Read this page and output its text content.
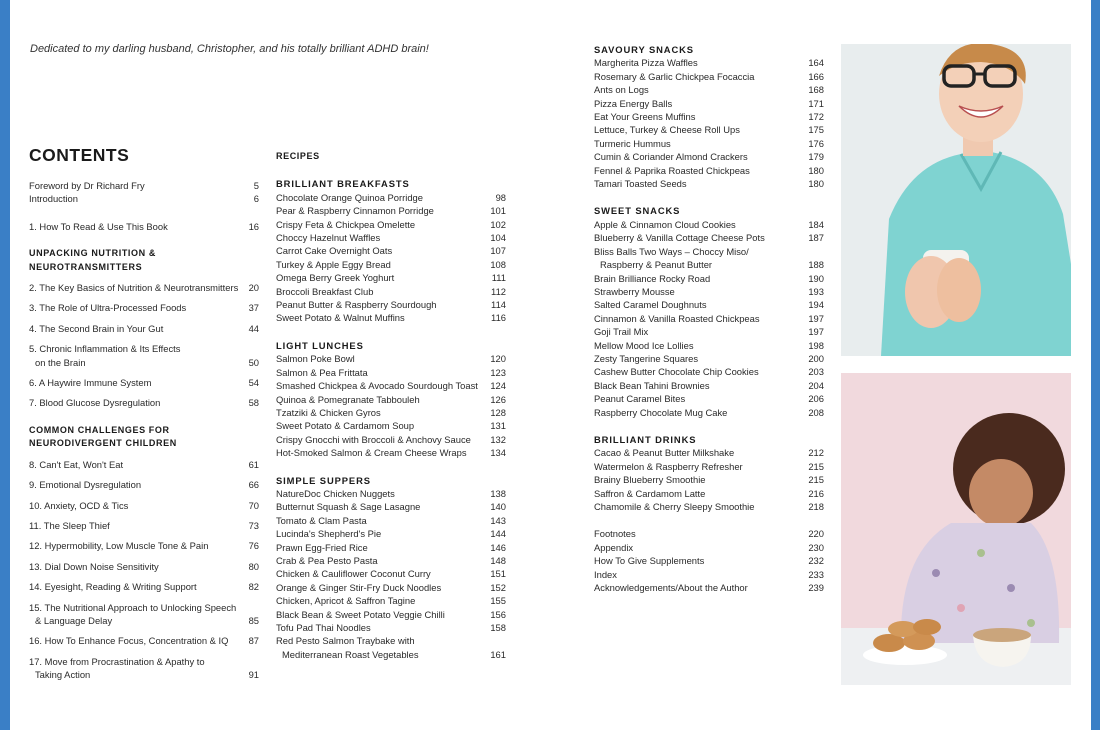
Dedicated to my darling husband, Christopher, and his totally brilliant ADHD brain!
CONTENTS
Foreword by Dr Richard Fry	5
Introduction	6
1. How To Read & Use This Book	16
UNPACKING NUTRITION &
NEUROTRANSMITTERS
2. The Key Basics of Nutrition & Neurotransmitters	20
3. The Role of Ultra-Processed Foods	37
4. The Second Brain in Your Gut	44
5. Chronic Inflammation & Its Effects
on the Brain	50
6. A Haywire Immune System	54
7. Blood Glucose Dysregulation	58
COMMON CHALLENGES FOR
NEURODIVERGENT CHILDREN
8. Can't Eat, Won't Eat	61
9. Emotional Dysregulation	66
10. Anxiety, OCD & Tics	70
11. The Sleep Thief	73
12. Hypermobility, Low Muscle Tone & Pain	76
13. Dial Down Noise Sensitivity	80
14. Eyesight, Reading & Writing Support	82
15. The Nutritional Approach to Unlocking Speech
& Language Delay	85
16. How To Enhance Focus, Concentration & IQ	87
17. Move from Procrastination & Apathy to
Taking Action	91
RECIPES
BRILLIANT BREAKFASTS
Chocolate Orange Quinoa Porridge	98
Pear & Raspberry Cinnamon Porridge	101
Crispy Feta & Chickpea Omelette	102
Choccy Hazelnut Waffles	104
Carrot Cake Overnight Oats	107
Turkey & Apple Eggy Bread	108
Omega Berry Greek Yoghurt	111
Broccoli Breakfast Club	112
Peanut Butter & Raspberry Sourdough	114
Sweet Potato & Walnut Muffins	116
LIGHT LUNCHES
Salmon Poke Bowl	120
Salmon & Pea Frittata	123
Smashed Chickpea & Avocado Sourdough Toast	124
Quinoa & Pomegranate Tabbouleh	126
Tzatziki & Chicken Gyros	128
Sweet Potato & Cardamom Soup	131
Crispy Gnocchi with Broccoli & Anchovy Sauce	132
Hot-Smoked Salmon & Cream Cheese Wraps	134
SIMPLE SUPPERS
NatureDoc Chicken Nuggets	138
Butternut Squash & Sage Lasagne	140
Tomato & Clam Pasta	143
Lucinda's Shepherd's Pie	144
Prawn Egg-Fried Rice	146
Crab & Pea Pesto Pasta	148
Chicken & Cauliflower Coconut Curry	151
Orange & Ginger Stir-Fry Duck Noodles	152
Chicken, Apricot & Saffron Tagine	155
Black Bean & Sweet Potato Veggie Chilli	156
Tofu Pad Thai Noodles	158
Red Pesto Salmon Traybake with
Mediterranean Roast Vegetables	161
SAVOURY SNACKS
Margherita Pizza Waffles	164
Rosemary & Garlic Chickpea Focaccia	166
Ants on Logs	168
Pizza Energy Balls	171
Eat Your Greens Muffins	172
Lettuce, Turkey & Cheese Roll Ups	175
Turmeric Hummus	176
Cumin & Coriander Almond Crackers	179
Fennel & Paprika Roasted Chickpeas	180
Tamari Toasted Seeds	180
SWEET SNACKS
Apple & Cinnamon Cloud Cookies	184
Blueberry & Vanilla Cottage Cheese Pots	187
Bliss Balls Two Ways – Choccy Miso/
Raspberry & Peanut Butter	188
Brain Brilliance Rocky Road	190
Strawberry Mousse	193
Salted Caramel Doughnuts	194
Cinnamon & Vanilla Roasted Chickpeas	197
Goji Trail Mix	197
Mellow Mood Ice Lollies	198
Zesty Tangerine Squares	200
Cashew Butter Chocolate Chip Cookies	203
Black Bean Tahini Brownies	204
Peanut Caramel Bites	206
Raspberry Chocolate Mug Cake	208
BRILLIANT DRINKS
Cacao & Peanut Butter Milkshake	212
Watermelon & Raspberry Refresher	215
Brainy Blueberry Smoothie	215
Saffron & Cardamom Latte	216
Chamomile & Cherry Sleepy Smoothie	218
Footnotes	220
Appendix	230
How To Give Supplements	232
Index	233
Acknowledgements/About the Author	239
